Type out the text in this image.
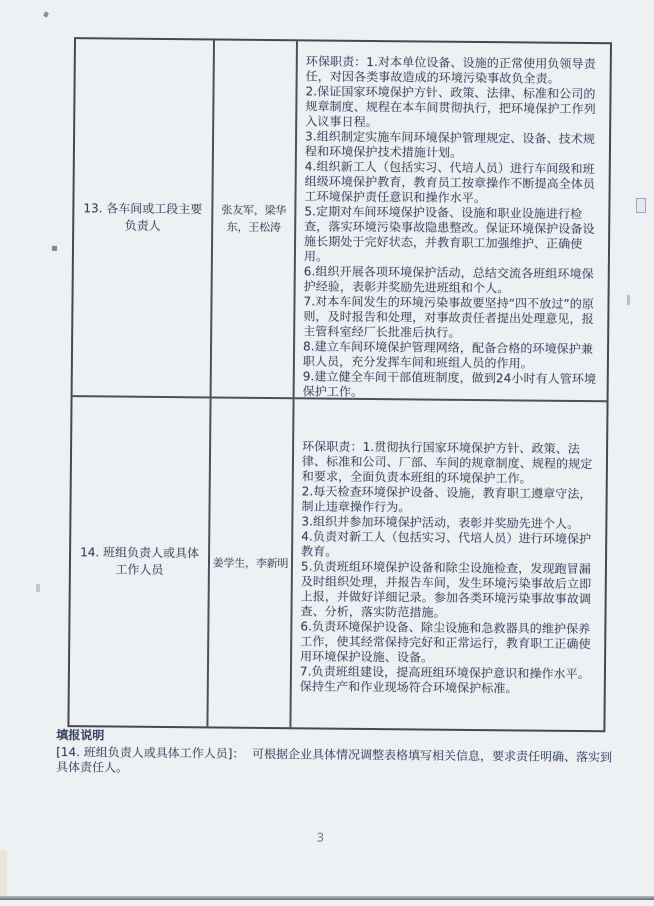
13. 各车间或工段主要负责人
张友军，梁华东，王松涛
环保职责：1.对本单位设备、设施的正常使用负领导责任，对因各类事故造成的环境污染事故负全责。
2.保证国家环境保护方针、政策、法律、标准和公司的规章制度、规程在本车间贯彻执行，把环境保护工作列入议事日程。
3.组织制定实施车间环境保护管理规定、设备、技术规程和环境保护技术措施计划。
4.组织新工人（包括实习、代培人员）进行车间级和班组级环境保护教育，教育员工按章操作不断提高全体员工环境保护责任意识和操作水平。
5.定期对车间环境保护设备、设施和职业设施进行检查，落实环境污染事故隐患整改。保证环境保护设备设施长期处于完好状态，并教育职工加强维护、正确使用。
6.组织开展各项环境保护活动，总结交流各班组环境保护经验，表彰并奖励先进班组和个人。
7.对本车间发生的环境污染事故要坚持“四不放过”的原则，及时报告和处理，对事故责任者提出处理意见，报主管科室经厂长批准后执行。
8.建立车间环境保护管理网络，配备合格的环境保护兼职人员，充分发挥车间和班组人员的作用。
9.建立健全车间干部值班制度，做到24小时有人管环境保护工作。
14. 班组负责人或具体工作人员	姜学生，李新明
环保职责：1.贯彻执行国家环境保护方针、政策、法律、标准和公司、厂部、车间的规章制度、规程的规定和要求，全面负责本班组的环境保护工作。
2.每天检查环境保护设备、设施，教育职工遵章守法，制止违章操作行为。
3.组织并参加环境保护活动，表彰并奖励先进个人。
4.负责对新工人（包括实习、代培人员）进行环境保护教育。
5.负责班组环境保护设备和除尘设施检查，发现跑冒漏及时组织处理，并报告车间，发生环境污染事故后立即上报，并做好详细记录。参加各类环境污染事故事故调查、分析，落实防范措施。
6.负责环境保护设备、除尘设施和急救器具的维护保养工作，使其经常保持完好和正常运行，教育职工正确使用环境保护设施、设备。
7.负责班组建设，提高班组环境保护意识和操作水平。保持生产和作业现场符合环境保护标准。
填报说明
[14. 班组负责人或具体工作人员]：  可根据企业具体情况调整表格填写相关信息，要求责任明确、落实到具体责任人。
3
